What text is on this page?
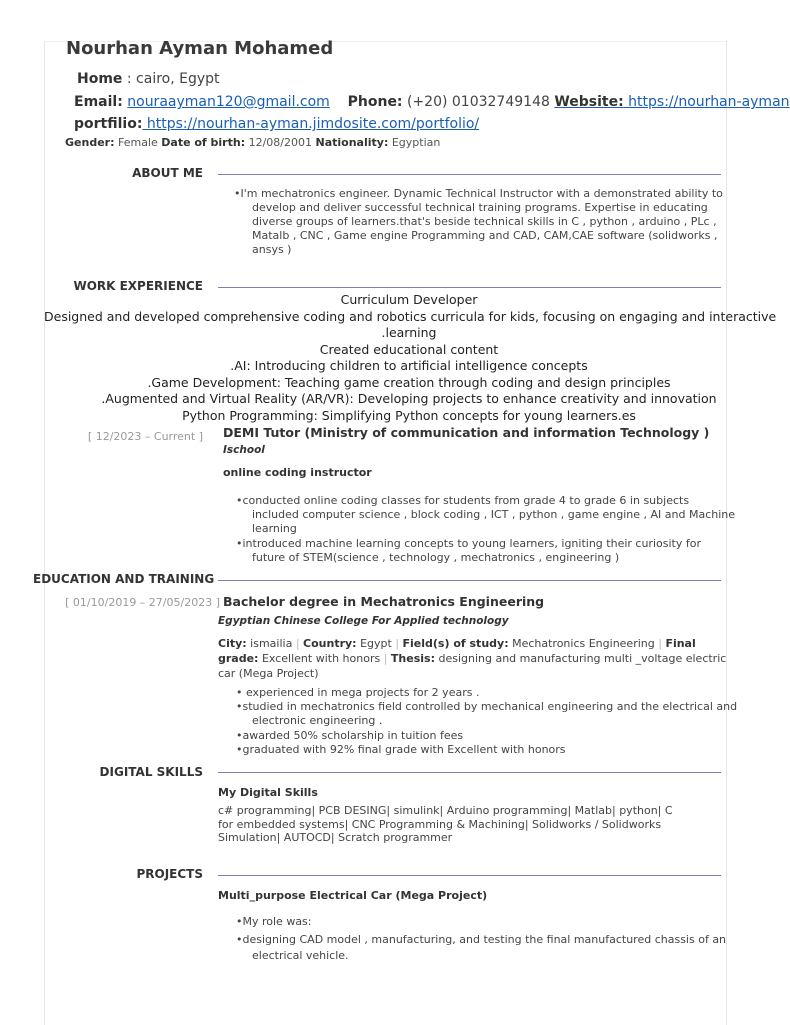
Nourhan Ayman Mohamed
Home : cairo, Egypt
Email: nouraayman120@gmail.com Phone: (+20) 01032749148 Website: https://nourhan-ayman
portfilio: https://nourhan-ayman.jimdosite.com/portfolio/
Gender: Female Date of birth: 12/08/2001 Nationality: Egyptian
ABOUT ME
•I'm mechatronics engineer. Dynamic Technical Instructor with a demonstrated ability to
develop and deliver successful technical training programs. Expertise in educating
diverse groups of learners.that's beside technical skills in C , python , arduino , PLc ,
Matalb , CNC , Game engine Programming and CAD, CAM,CAE software (solidworks ,
ansys )
WORK EXPERIENCE
Curriculum Developer
Designed and developed comprehensive coding and robotics curricula for kids, focusing on engaging and interactive
.learning
Created educational content
.AI: Introducing children to artificial intelligence concepts
.Game Development: Teaching game creation through coding and design principles
.Augmented and Virtual Reality (AR/VR): Developing projects to enhance creativity and innovation
Python Programming: Simplifying Python concepts for young learners.es
[ 12/2023 – Current ] DEMI Tutor (Ministry of communication and information Technology )
Ischool
online coding instructor
•conducted online coding classes for students from grade 4 to grade 6 in subjects
included computer science , block coding , ICT , python , game engine , AI and Machine
learning
•introduced machine learning concepts to young learners, igniting their curiosity for
future of STEM(science , technology , mechatronics , engineering )
EDUCATION AND TRAINING
[ 01/10/2019 – 27/05/2023 ] Bachelor degree in Mechatronics Engineering
Egyptian Chinese College For Applied technology
City: ismailia | Country: Egypt | Field(s) of study: Mechatronics Engineering | Final
grade: Excellent with honors | Thesis: designing and manufacturing multi _voltage electric
car (Mega Project)
• experienced in mega projects for 2 years .
•studied in mechatronics field controlled by mechanical engineering and the electrical and
electronic engineering .
•awarded 50% scholarship in tuition fees
•graduated with 92% final grade with Excellent with honors
DIGITAL SKILLS
My Digital Skills
c# programming| PCB DESING| simulink| Arduino programming| Matlab| python| C
for embedded systems| CNC Programming & Machining| Solidworks / Solidworks
Simulation| AUTOCD| Scratch programmer
PROJECTS
Multi_purpose Electrical Car (Mega Project)
•My role was:
•designing CAD model , manufacturing, and testing the final manufactured chassis of an
electrical vehicle.
